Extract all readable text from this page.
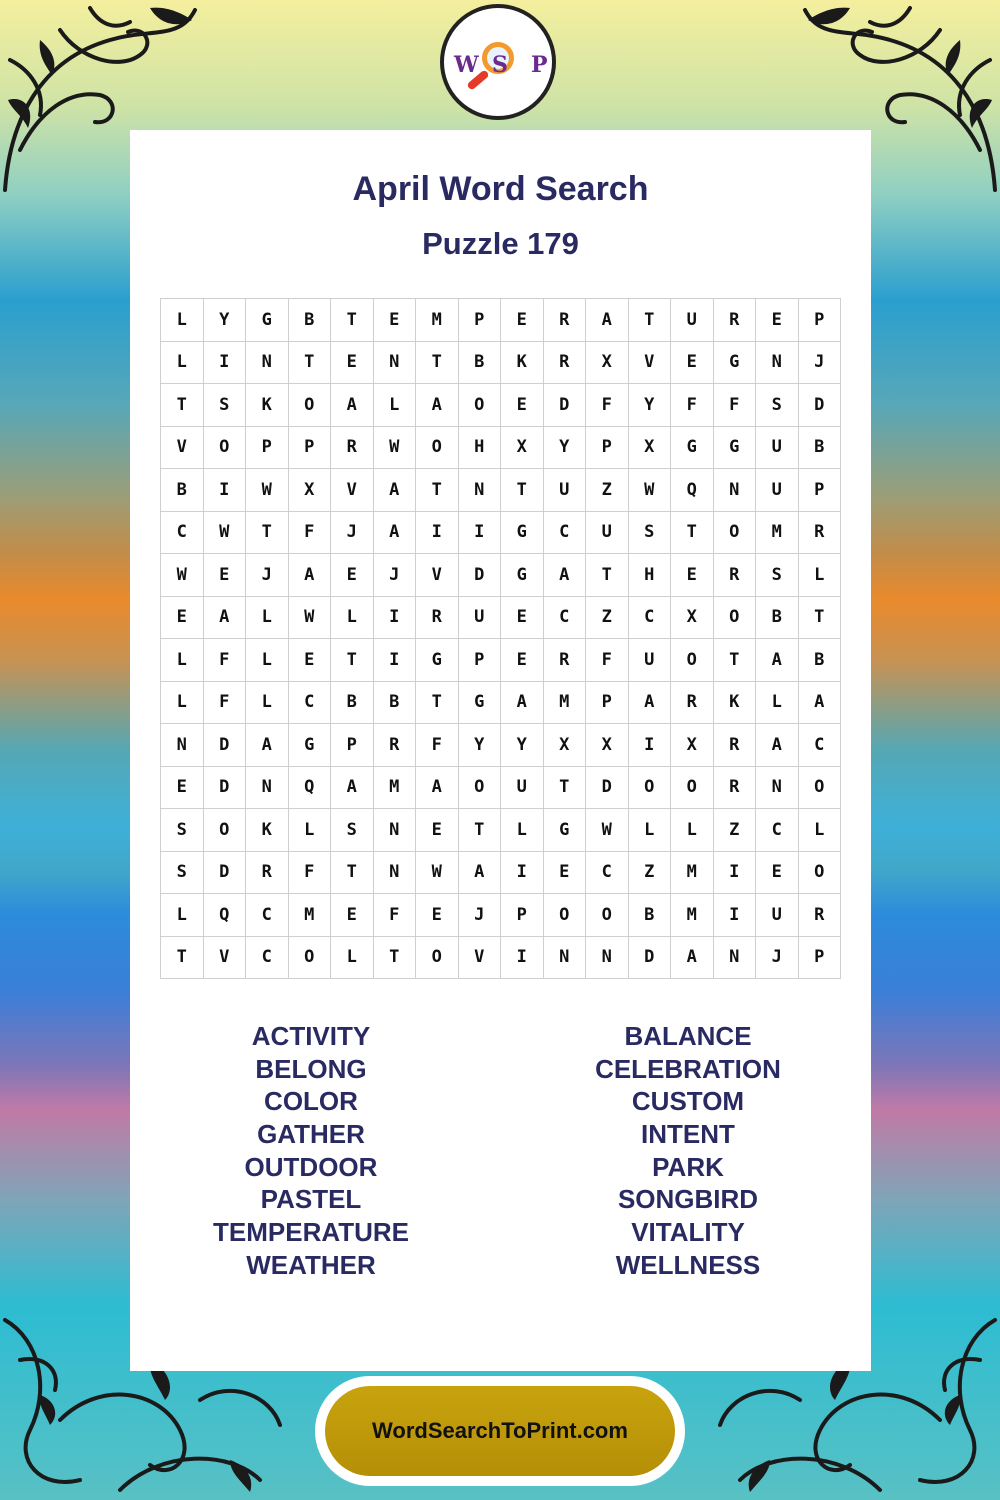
W S P
April Word Search
Puzzle 179
L	Y	G	B	T	E	M	P	E	R	A	T	U	R	E	P
L	I	N	T	E	N	T	B	K	R	X	V	E	G	N	J
T	S	K	O	A	L	A	O	E	D	F	Y	F	F	S	D
V	O	P	P	R	W	O	H	X	Y	P	X	G	G	U	B
B	I	W	X	V	A	T	N	T	U	Z	W	Q	N	U	P
C	W	T	F	J	A	I	I	G	C	U	S	T	O	M	R
W	E	J	A	E	J	V	D	G	A	T	H	E	R	S	L
E	A	L	W	L	I	R	U	E	C	Z	C	X	O	B	T
L	F	L	E	T	I	G	P	E	R	F	U	O	T	A	B
L	F	L	C	B	B	T	G	A	M	P	A	R	K	L	A
N	D	A	G	P	R	F	Y	Y	X	X	I	X	R	A	C
E	D	N	Q	A	M	A	O	U	T	D	O	O	R	N	O
S	O	K	L	S	N	E	T	L	G	W	L	L	Z	C	L
S	D	R	F	T	N	W	A	I	E	C	Z	M	I	E	O
L	Q	C	M	E	F	E	J	P	O	O	B	M	I	U	R
T	V	C	O	L	T	O	V	I	N	N	D	A	N	J	P
ACTIVITY
BELONG
COLOR
GATHER
OUTDOOR
PASTEL
TEMPERATURE
WEATHER
BALANCE
CELEBRATION
CUSTOM
INTENT
PARK
SONGBIRD
VITALITY
WELLNESS
WordSearchToPrint.com
